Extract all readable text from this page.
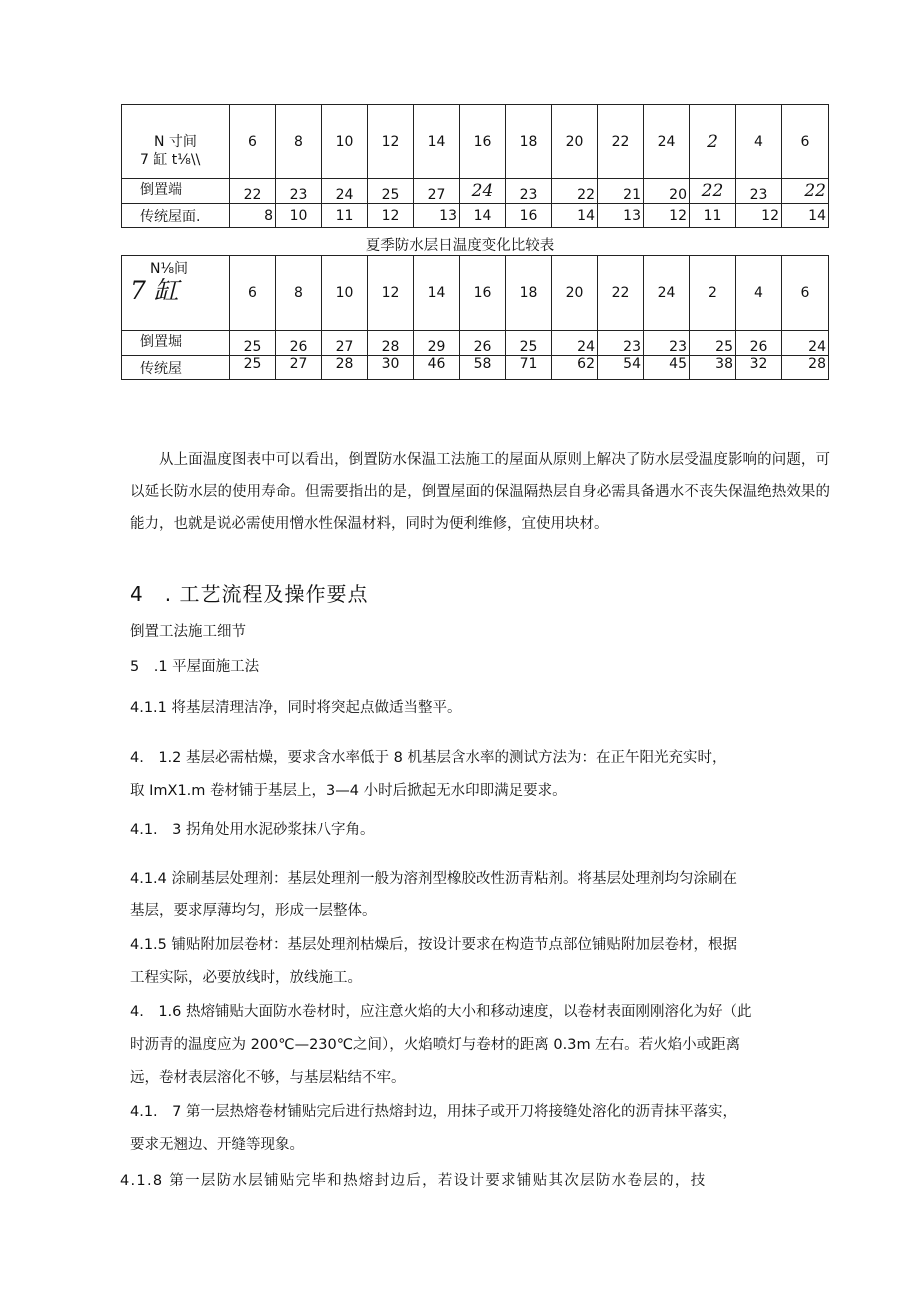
N 寸间
7 缸 t⅛\\	6	8	10	12	14	16	18	20	22	24	2	4	6
倒置端	22	23	24	25	27	24	23	22	21	20	22	23	22
传统屋面.	8	10	11	12	13	14	16	14	13	12	11	12	14
夏季防水层日温度变化比较表
N⅛间
7 缸	6	8	10	12	14	16	18	20	22	24	2	4	6
倒置堀	25	26	27	28	29	26	25	24	23	23	25	26	24
传统屋	25	27	28	30	46	58	71	62	54	45	38	32	28
从上面温度图表中可以看出，倒置防水保温工法施工的屋面从原则上解决了防水层受温度影响的问题，可以延长防水层的使用寿命。但需要指出的是，倒置屋面的保温隔热层自身必需具备遇水不丧失保温绝热效果的能力，也就是说必需使用憎水性保温材料，同时为便利维修，宜使用块材。
4　. 工艺流程及操作要点
倒置工法施工细节
5　.1 平屋面施工法
4.1.1 将基层清理洁净，同时将突起点做适当整平。
4.　1.2 基层必需枯燥，要求含水率低于 8 机基层含水率的测试方法为：在正午阳光充实时，
取 ImX1.m 卷材铺于基层上，3—4 小时后掀起无水印即满足要求。
4.1.　3 拐角处用水泥砂浆抹八字角。
4.1.4 涂刷基层处理剂：基层处理剂一般为溶剂型橡胶改性沥青粘剂。将基层处理剂均匀涂刷在
基层，要求厚薄均匀，形成一层整体。
4.1.5 铺贴附加层卷材：基层处理剂枯燥后，按设计要求在构造节点部位铺贴附加层卷材，根据
工程实际，必要放线时，放线施工。
4.　1.6 热熔铺贴大面防水卷材时，应注意火焰的大小和移动速度，以卷材表面刚刚溶化为好（此
时沥青的温度应为 200℃—230℃之间），火焰喷灯与卷材的距离 0.3m 左右。若火焰小或距离
远，卷材表层溶化不够，与基层粘结不牢。
4.1.　7 第一层热熔卷材铺贴完后进行热熔封边，用抹子或开刀将接缝处溶化的沥青抹平落实，
要求无翘边、开缝等现象。
4.1.8 第一层防水层铺贴完毕和热熔封边后，若设计要求铺贴其次层防水卷层的，技
